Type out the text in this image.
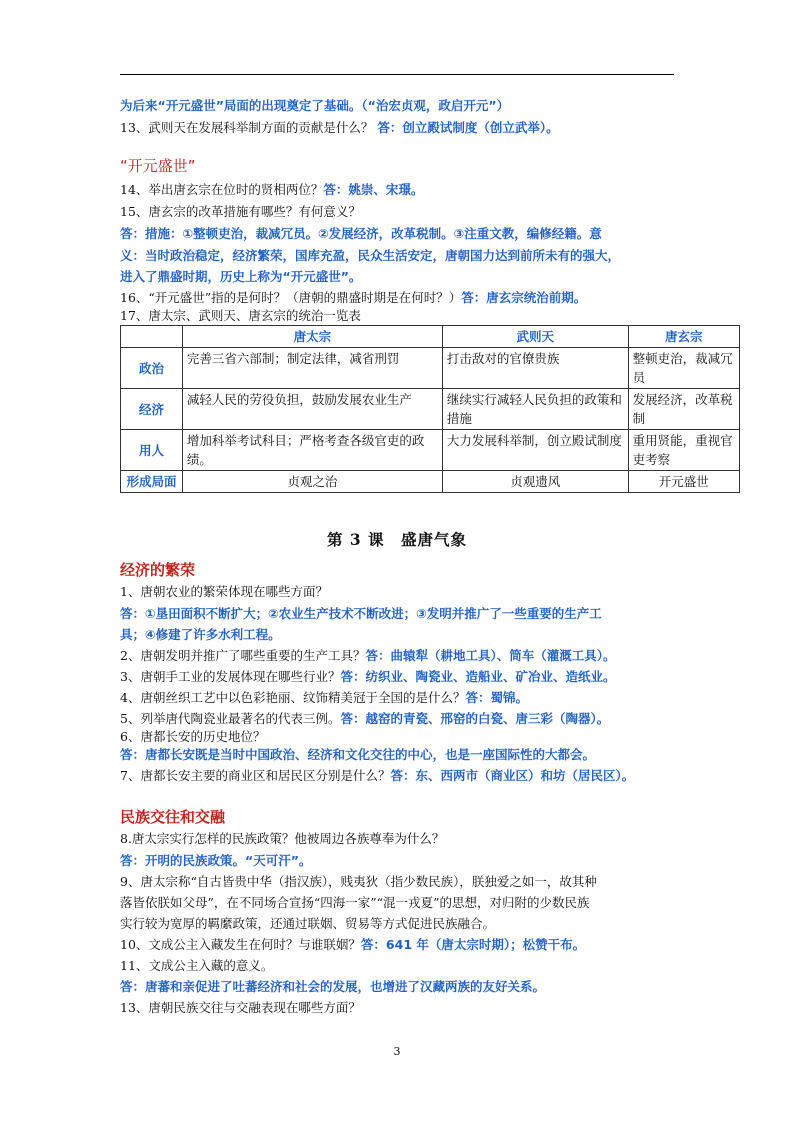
为后来“开元盛世”局面的出现奠定了基础。（“治宏贞观，政启开元”）
13、武则天在发展科举制方面的贡献是什么？ 答：创立殿试制度（创立武举）。
“开元盛世”
14、举出唐玄宗在位时的贤相两位？答：姚崇、宋璟。
15、唐玄宗的改革措施有哪些？有何意义？
答：措施：①整顿吏治，裁减冗员。②发展经济，改革税制。③注重文教，编修经籍。意
义：当时政治稳定，经济繁荣，国库充盈，民众生活安定，唐朝国力达到前所未有的强大，
进入了鼎盛时期，历史上称为“开元盛世”。
16、“开元盛世”指的是何时？（唐朝的鼎盛时期是在何时？）答：唐玄宗统治前期。
17、唐太宗、武则天、唐玄宗的统治一览表
	唐太宗	武则天	唐玄宗
政治	完善三省六部制；制定法律，减省刑罚	打击敌对的官僚贵族	整顿吏治，裁减冗员
经济	减轻人民的劳役负担，鼓励发展农业生产	继续实行减轻人民负担的政策和措施	发展经济，改革税制
用人	增加科举考试科目；严格考查各级官吏的政绩。	大力发展科举制，创立殿试制度	重用贤能，重视官吏考察
形成局面	贞观之治	贞观遗风	开元盛世
第 3 课　盛唐气象
经济的繁荣
1、唐朝农业的繁荣体现在哪些方面？
答：①垦田面积不断扩大；②农业生产技术不断改进；③发明并推广了一些重要的生产工
具；④修建了许多水利工程。
2、唐朝发明并推广了哪些重要的生产工具？答：曲辕犁（耕地工具）、筒车（灌溉工具）。
3、唐朝手工业的发展体现在哪些行业？答：纺织业、陶瓷业、造船业、矿冶业、造纸业。
4、唐朝丝织工艺中以色彩艳丽、纹饰精美冠于全国的是什么？答：蜀锦。
5、列举唐代陶瓷业最著名的代表三例。答：越窑的青瓷、邢窑的白瓷、唐三彩（陶器）。
6、唐都长安的历史地位？
答：唐都长安既是当时中国政治、经济和文化交往的中心，也是一座国际性的大都会。
7、唐都长安主要的商业区和居民区分别是什么？答：东、西两市（商业区）和坊（居民区）。
民族交往和交融
8.唐太宗实行怎样的民族政策？他被周边各族尊奉为什么？
答：开明的民族政策。“天可汗”。
9、唐太宗称“自古皆贵中华（指汉族），贱夷狄（指少数民族），朕独爱之如一，故其种
落皆依朕如父母”，在不同场合宣扬“四海一家”“混一戎夏”的思想，对归附的少数民族
实行较为宽厚的羁縻政策，还通过联姻、贸易等方式促进民族融合。
10、文成公主入藏发生在何时？与谁联姻？答：641 年（唐太宗时期）；松赞干布。
11、文成公主入藏的意义。
答：唐蕃和亲促进了吐蕃经济和社会的发展，也增进了汉藏两族的友好关系。
13、唐朝民族交往与交融表现在哪些方面？
3
